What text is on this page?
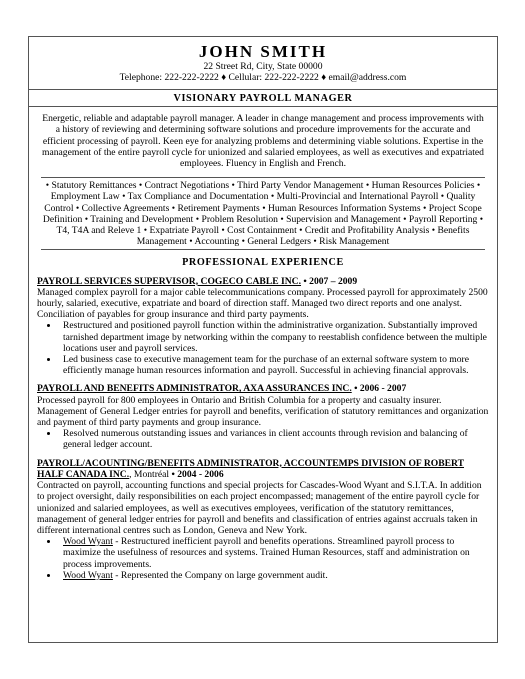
JOHN SMITH
22 Street Rd, City, State 00000
Telephone: 222-222-2222 ♦ Cellular: 222-222-2222 ♦ email@address.com
VISIONARY PAYROLL MANAGER
Energetic, reliable and adaptable payroll manager. A leader in change management and process improvements with a history of reviewing and determining software solutions and procedure improvements for the accurate and efficient processing of payroll. Keen eye for analyzing problems and determining viable solutions. Expertise in the management of the entire payroll cycle for unionized and salaried employees, as well as executives and expatriated employees. Fluency in English and French.
• Statutory Remittances • Contract Negotiations • Third Party Vendor Management • Human Resources Policies • Employment Law • Tax Compliance and Documentation • Multi-Provincial and International Payroll • Quality Control • Collective Agreements • Retirement Payments • Human Resources Information Systems • Project Scope Definition • Training and Development • Problem Resolution • Supervision and Management • Payroll Reporting • T4, T4A and Releve 1 • Expatriate Payroll • Cost Containment • Credit and Profitability Analysis • Benefits Management • Accounting • General Ledgers • Risk Management
PROFESSIONAL EXPERIENCE
PAYROLL SERVICES SUPERVISOR, COGECO CABLE INC. • 2007 – 2009
Managed complex payroll for a major cable telecommunications company. Processed payroll for approximately 2500 hourly, salaried, executive, expatriate and board of direction staff. Managed two direct reports and one analyst. Conciliation of payables for group insurance and third party payments.
• Restructured and positioned payroll function within the administrative organization. Substantially improved tarnished department image by networking within the company to reestablish confidence between the multiple locations user and payroll services.
• Led business case to executive management team for the purchase of an external software system to more efficiently manage human resources information and payroll. Successful in achieving financial approvals.
PAYROLL AND BENEFITS ADMINISTRATOR, AXA ASSURANCES INC. • 2006 - 2007
Processed payroll for 800 employees in Ontario and British Columbia for a property and casualty insurer. Management of General Ledger entries for payroll and benefits, verification of statutory remittances and organization and payment of third party payments and group insurance.
• Resolved numerous outstanding issues and variances in client accounts through revision and balancing of general ledger account.
PAYROLL/ACOUNTING/BENEFITS ADMINISTRATOR, ACCOUNTEMPS DIVISION OF ROBERT HALF CANADA INC., Montréal • 2004 - 2006
Contracted on payroll, accounting functions and special projects for Cascades-Wood Wyant and S.I.T.A. In addition to project oversight, daily responsibilities on each project encompassed; management of the entire payroll cycle for unionized and salaried employees, as well as executives employees, verification of the statutory remittances, management of general ledger entries for payroll and benefits and classification of entries against accruals taken in different international centres such as London, Geneva and New York.
• Wood Wyant - Restructured inefficient payroll and benefits operations. Streamlined payroll process to maximize the usefulness of resources and systems. Trained Human Resources, staff and administration on process improvements.
• Wood Wyant - Represented the Company on large government audit.
